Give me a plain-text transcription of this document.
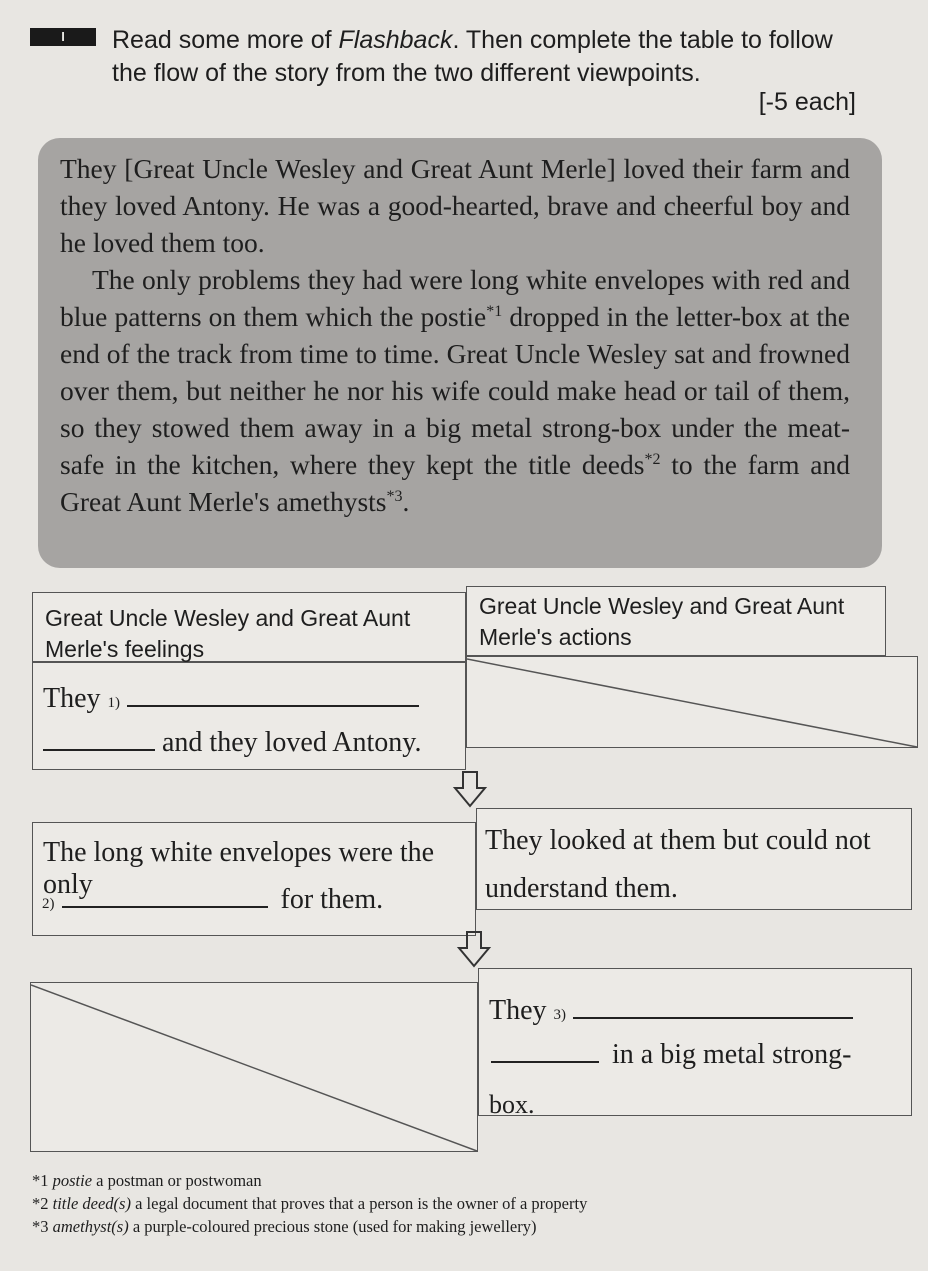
I	Read some more of Flashback. Then complete the table to follow the flow of the story from the two different viewpoints.
[-5 each]

They [Great Uncle Wesley and Great Aunt Merle] loved their farm and they loved Antony. He was a good-hearted, brave and cheerful boy and he loved them too.

The only problems they had were long white envelopes with red and blue patterns on them which the postie$^{*1}$ dropped in the letter-box at the end of the track from time to time. Great Uncle Wesley sat and frowned over them, but neither he nor his wife could make head or tail of them, so they stowed them away in a big metal strong-box under the meat-safe in the kitchen, where they kept the title deeds$^{*2}$ to the farm and Great Aunt Merle's amethysts$^{*3}$.

Great Uncle Wesley and Great Aunt Merle's feelings
Great Uncle Wesley and Great Aunt Merle's actions
They 1)
and they loved Antony.
The long white envelopes were the only
2)	for them.
They looked at them but could not understand them.
They 3)
in a big metal strong-
box.
*1 postie a postman or postwoman
*2 title deed(s) a legal document that proves that a person is the owner of a property
*3 amethyst(s) a purple-coloured precious stone (used for making jewellery)
